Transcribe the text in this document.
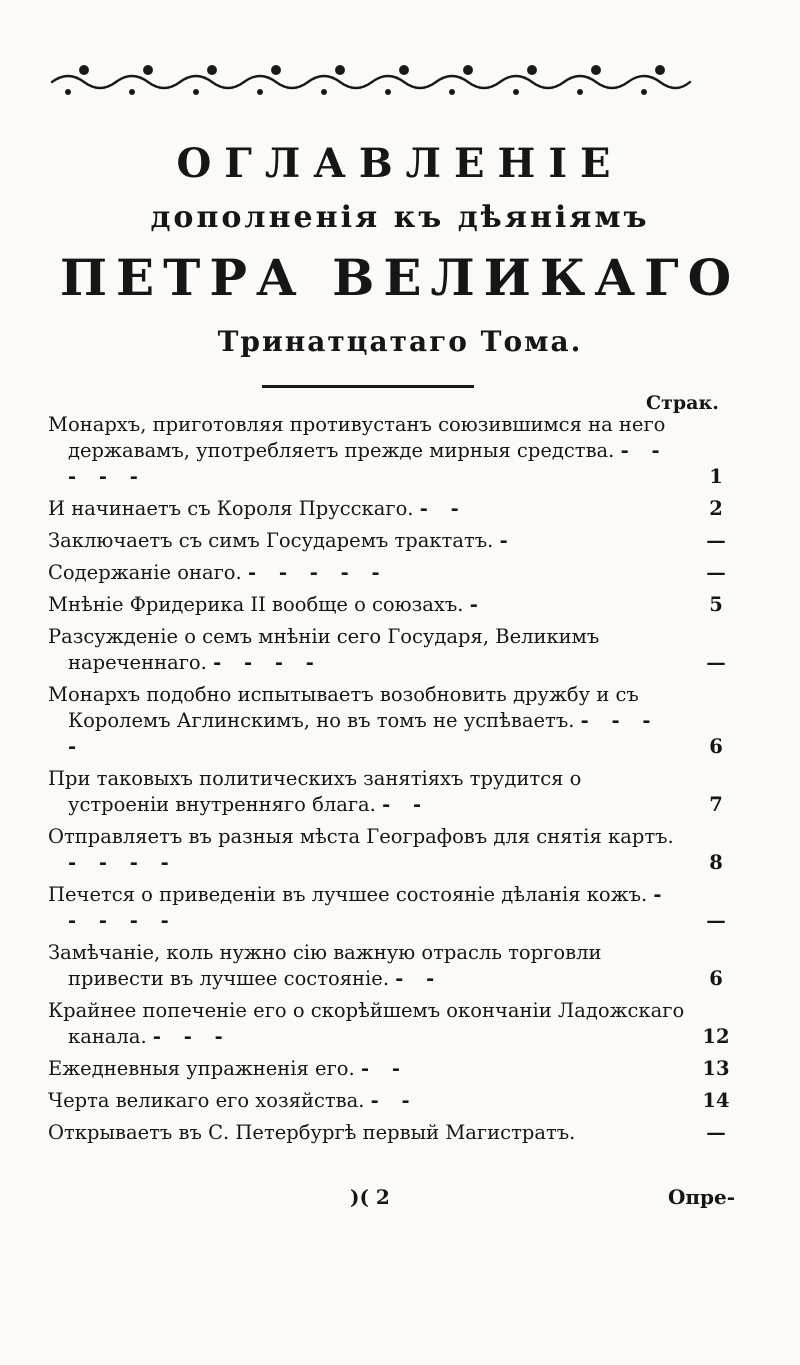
ОГЛАВЛЕНІЕ
дополненія къ дѣяніямъ
ПЕТРА ВЕЛИКАГО
Тринатцатаго Тома.
Страк.
Монархъ, приготовляя противустанъ союзившимся на него державамъ, употребляетъ прежде мирныя средства. - - - - -	1
И начинаетъ съ Короля Прусскаго. - -	2
Заключаетъ съ симъ Государемъ трактатъ. -	—
Содержаніе онаго. - - - - -	—
Мнѣніе Фридерика II вообще о союзахъ. -	5
Разсужденіе о семъ мнѣніи сего Государя, Великимъ нареченнаго. - - - -	—
Монархъ подобно испытываетъ возобновить дружбу и съ Королемъ Аглинскимъ, но въ томъ не успѣваетъ. - - - -	6
При таковыхъ политическихъ занятіяхъ трудится о устроеніи внутренняго блага. - -	7
Отправляетъ въ разныя мѣста Географовъ для снятія картъ. - - - -	8
Печется о приведеніи въ лучшее состояніе дѣланія кожъ. - - - - -	—
Замѣчаніе, коль нужно сію важную отрасль торговли привести въ лучшее состояніе. - -	6
Крайнее попеченіе его о скорѣйшемъ окончаніи Ладожскаго канала. - - -	12
Ежедневныя упражненія его. - -	13
Черта великаго его хозяйства. - -	14
Открываетъ въ С. Петербургѣ первый Магистратъ.	—
)( 2	Опре-
